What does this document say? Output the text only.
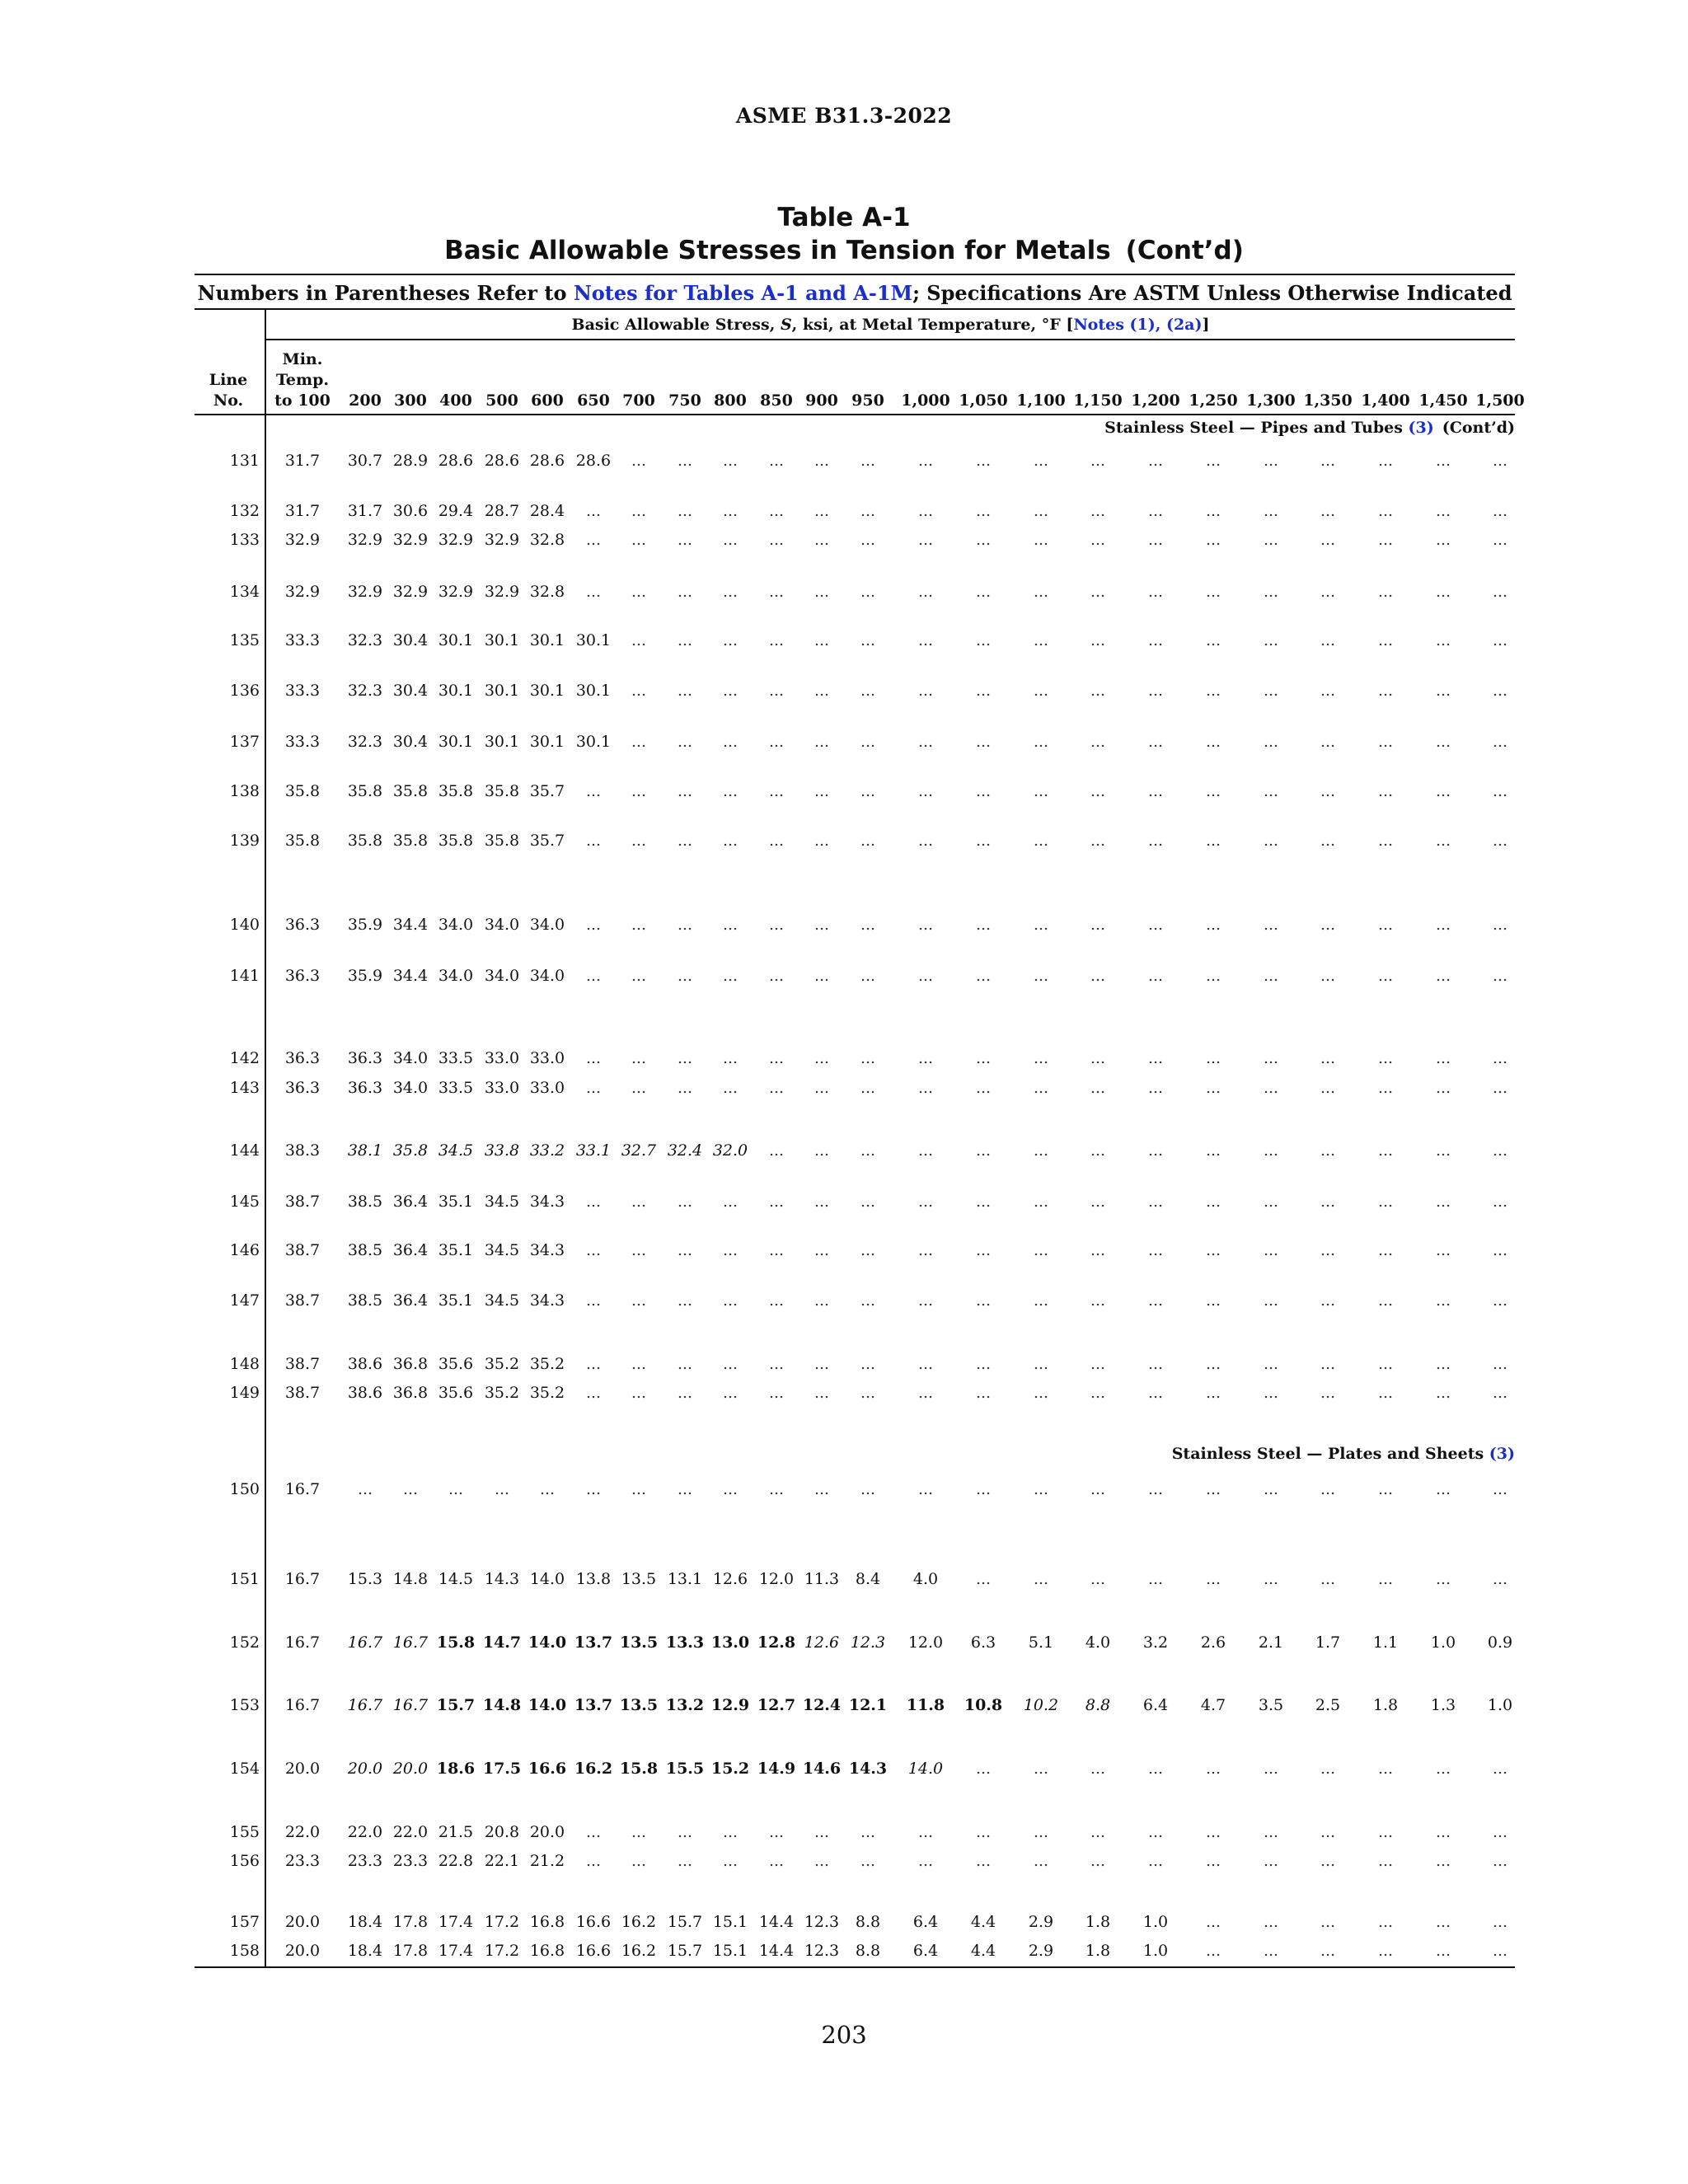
ASME B31.3-2022
Table A-1
Basic Allowable Stresses in Tension for Metals (Cont’d)
Numbers in Parentheses Refer to Notes for Tables A-1 and A-1M; Specifications Are ASTM Unless Otherwise Indicated
Basic Allowable Stress, S, ksi, at Metal Temperature, °F [Notes (1), (2a)]
Line
No.
Min.
Temp.
to 100	200 300 400 500 600 650 700 750 800 850 900 950	1,000 1,050 1,100 1,150 1,200 1,250 1,300 1,350 1,400 1,450 1,500
Stainless Steel — Pipes and Tubes (3) (Cont’d)
Stainless Steel — Plates and Sheets (3)
131	31.7	30.7 28.9 28.6 28.6 28.6 28.6	...	...	...	...	...	...	...	...	...	...	...	...	...	...	...	...	...
132	31.7	31.7 30.6 29.4 28.7 28.4	...	...	...	...	...	...	...	...	...	...	...	...	...	...	...	...	...	...
133	32.9	32.9 32.9 32.9 32.9 32.8	...	...	...	...	...	...	...	...	...	...	...	...	...	...	...	...	...	...
134	32.9	32.9 32.9 32.9 32.9 32.8	...	...	...	...	...	...	...	...	...	...	...	...	...	...	...	...	...	...
135	33.3	32.3 30.4 30.1 30.1 30.1 30.1	...	...	...	...	...	...	...	...	...	...	...	...	...	...	...	...	...
136	33.3	32.3 30.4 30.1 30.1 30.1 30.1	...	...	...	...	...	...	...	...	...	...	...	...	...	...	...	...	...
137	33.3	32.3 30.4 30.1 30.1 30.1 30.1	...	...	...	...	...	...	...	...	...	...	...	...	...	...	...	...	...
138	35.8	35.8 35.8 35.8 35.8 35.7	...	...	...	...	...	...	...	...	...	...	...	...	...	...	...	...	...	...
139	35.8	35.8 35.8 35.8 35.8 35.7	...	...	...	...	...	...	...	...	...	...	...	...	...	...	...	...	...	...
140	36.3	35.9 34.4 34.0 34.0 34.0	...	...	...	...	...	...	...	...	...	...	...	...	...	...	...	...	...	...
141	36.3	35.9 34.4 34.0 34.0 34.0	...	...	...	...	...	...	...	...	...	...	...	...	...	...	...	...	...	...
142	36.3	36.3 34.0 33.5 33.0 33.0	...	...	...	...	...	...	...	...	...	...	...	...	...	...	...	...	...	...
143	36.3	36.3 34.0 33.5 33.0 33.0	...	...	...	...	...	...	...	...	...	...	...	...	...	...	...	...	...	...
144	38.3	38.1 35.8 34.5 33.8 33.2 33.1 32.7 32.4 32.0	...	...	...	...	...	...	...	...	...	...	...	...	...	...
145	38.7	38.5 36.4 35.1 34.5 34.3	...	...	...	...	...	...	...	...	...	...	...	...	...	...	...	...	...	...
146	38.7	38.5 36.4 35.1 34.5 34.3	...	...	...	...	...	...	...	...	...	...	...	...	...	...	...	...	...	...
147	38.7	38.5 36.4 35.1 34.5 34.3	...	...	...	...	...	...	...	...	...	...	...	...	...	...	...	...	...	...
148	38.7	38.6 36.8 35.6 35.2 35.2	...	...	...	...	...	...	...	...	...	...	...	...	...	...	...	...	...	...
149	38.7	38.6 36.8 35.6 35.2 35.2	...	...	...	...	...	...	...	...	...	...	...	...	...	...	...	...	...	...
150	16.7	...	...	...	...	...	...	...	...	...	...	...	...	...	...	...	...	...	...	...	...	...	...	...
151	16.7	15.3 14.8 14.5 14.3 14.0 13.8 13.5 13.1 12.6 12.0 11.3	8.4	4.0	...	...	...	...	...	...	...	...	...	...
152	16.7	16.7 16.7 15.8 14.7 14.0 13.7 13.5 13.3 13.0 12.8 12.6 12.3	12.0	6.3	5.1	4.0	3.2	2.6	2.1	1.7	1.1	1.0	0.9
153	16.7	16.7 16.7 15.7 14.8 14.0 13.7 13.5 13.2 12.9 12.7 12.4 12.1	11.8	10.8	10.2	8.8	6.4	4.7	3.5	2.5	1.8	1.3	1.0
154	20.0	20.0 20.0 18.6 17.5 16.6 16.2 15.8 15.5 15.2 14.9 14.6 14.3	14.0	...	...	...	...	...	...	...	...	...	...
155	22.0	22.0 22.0 21.5 20.8 20.0	...	...	...	...	...	...	...	...	...	...	...	...	...	...	...	...	...	...
156	23.3	23.3 23.3 22.8 22.1 21.2	...	...	...	...	...	...	...	...	...	...	...	...	...	...	...	...	...	...
157	20.0	18.4 17.8 17.4 17.2 16.8 16.6 16.2 15.7 15.1 14.4 12.3	8.8	6.4	4.4	2.9	1.8	1.0	...	...	...	...	...	...
158	20.0	18.4 17.8 17.4 17.2 16.8 16.6 16.2 15.7 15.1 14.4 12.3	8.8	6.4	4.4	2.9	1.8	1.0	...	...	...	...	...	...
203
